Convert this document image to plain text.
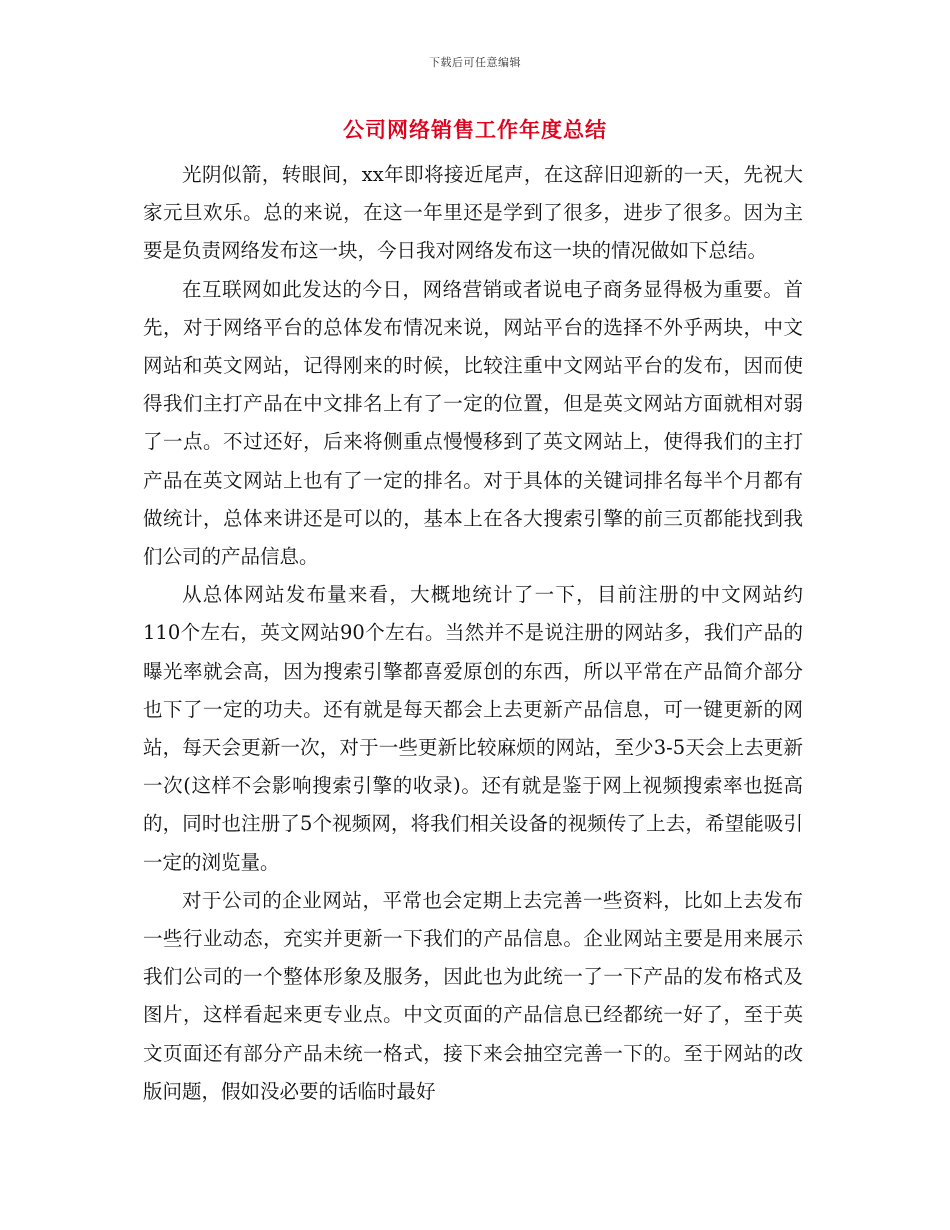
下载后可任意编辑
公司网络销售工作年度总结

光阴似箭，转眼间，xx年即将接近尾声，在这辞旧迎新的一天，先祝大家元旦欢乐。总的来说，在这一年里还是学到了很多，进步了很多。因为主要是负责网络发布这一块，今日我对网络发布这一块的情况做如下总结。

在互联网如此发达的今日，网络营销或者说电子商务显得极为重要。首先，对于网络平台的总体发布情况来说，网站平台的选择不外乎两块，中文网站和英文网站，记得刚来的时候，比较注重中文网站平台的发布，因而使得我们主打产品在中文排名上有了一定的位置，但是英文网站方面就相对弱了一点。不过还好，后来将侧重点慢慢移到了英文网站上，使得我们的主打产品在英文网站上也有了一定的排名。对于具体的关键词排名每半个月都有做统计，总体来讲还是可以的，基本上在各大搜索引擎的前三页都能找到我们公司的产品信息。

从总体网站发布量来看，大概地统计了一下，目前注册的中文网站约110个左右，英文网站90个左右。当然并不是说注册的网站多，我们产品的曝光率就会高，因为搜索引擎都喜爱原创的东西，所以平常在产品简介部分也下了一定的功夫。还有就是每天都会上去更新产品信息，可一键更新的网站，每天会更新一次，对于一些更新比较麻烦的网站，至少3-5天会上去更新一次(这样不会影响搜索引擎的收录)。还有就是鉴于网上视频搜索率也挺高的，同时也注册了5个视频网，将我们相关设备的视频传了上去，希望能吸引一定的浏览量。

对于公司的企业网站，平常也会定期上去完善一些资料，比如上去发布一些行业动态，充实并更新一下我们的产品信息。企业网站主要是用来展示我们公司的一个整体形象及服务，因此也为此统一了一下产品的发布格式及图片，这样看起来更专业点。中文页面的产品信息已经都统一好了，至于英文页面还有部分产品未统一格式，接下来会抽空完善一下的。至于网站的改版问题，假如没必要的话临时最好
